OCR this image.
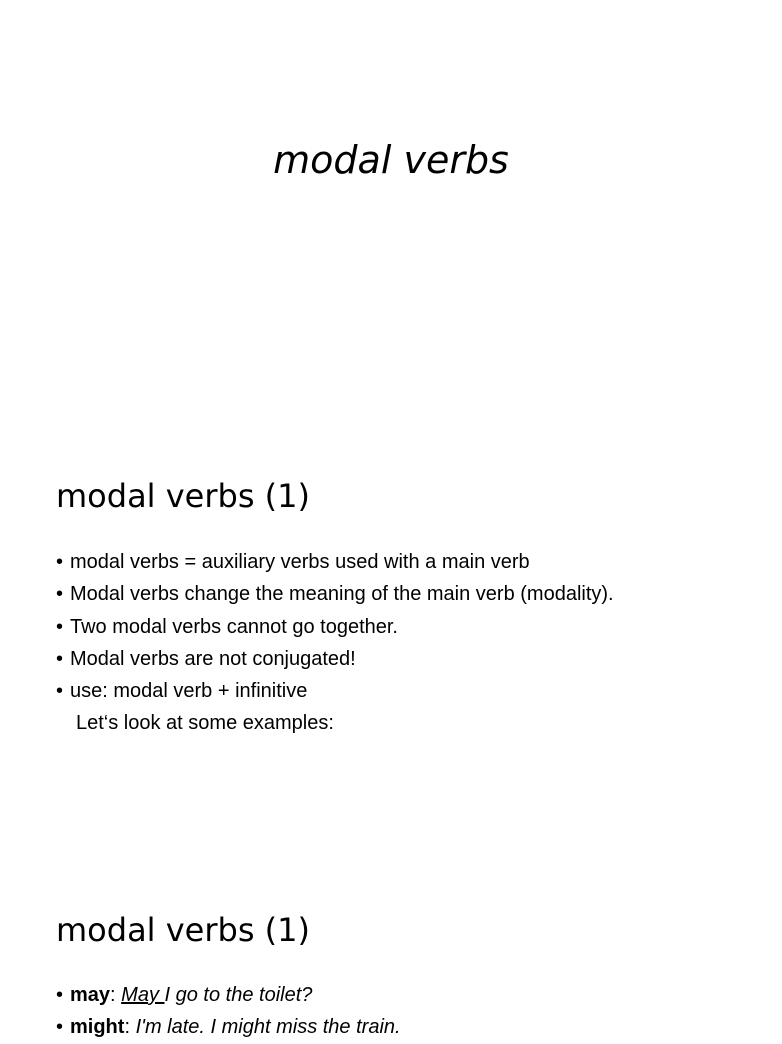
modal verbs
modal verbs (1)
• modal verbs = auxiliary verbs used with a main verb
• Modal verbs change the meaning of the main verb (modality).
• Two modal verbs cannot go together.
• Modal verbs are not conjugated!
• use: modal verb + infinitive
Let‘s look at some examples:
modal verbs (1)
• may: May I go to the toilet?
• might: I'm late. I might miss the train.
